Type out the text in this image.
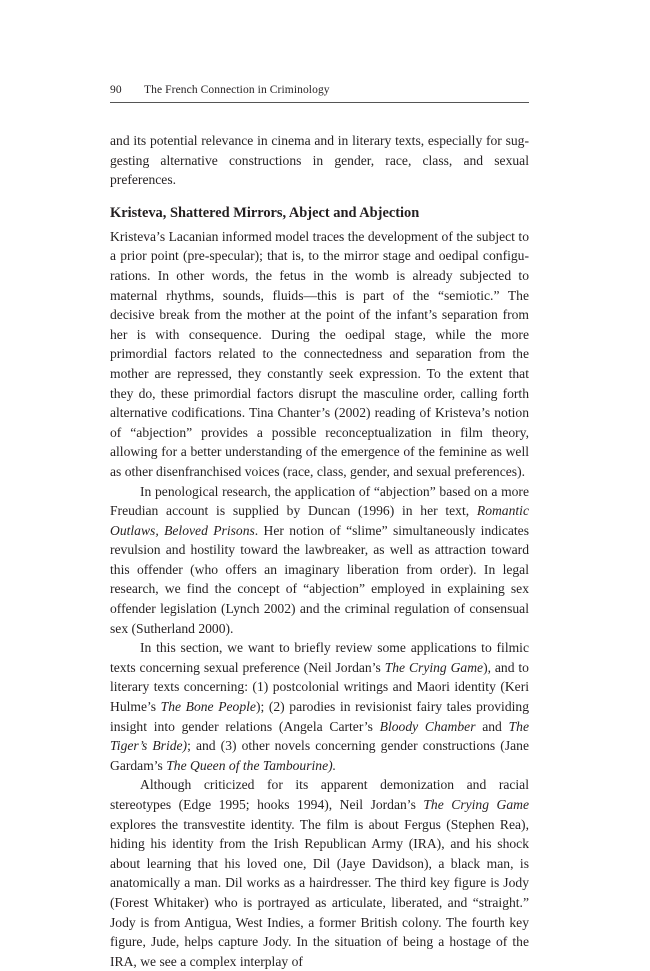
90 The French Connection in Criminology

and its potential relevance in cinema and in literary texts, especially for suggesting alternative constructions in gender, race, class, and sexual preferences.

Kristeva, Shattered Mirrors, Abject and Abjection

Kristeva’s Lacanian informed model traces the development of the subject to a prior point (pre-specular); that is, to the mirror stage and oedipal configurations. In other words, the fetus in the womb is already subjected to maternal rhythms, sounds, fluids—this is part of the “semiotic.” The decisive break from the mother at the point of the infant’s separation from her is with consequence. During the oedipal stage, while the more primordial factors related to the connectedness and separation from the mother are repressed, they constantly seek expression. To the extent that they do, these primordial factors disrupt the masculine order, calling forth alternative codifications. Tina Chanter’s (2002) reading of Kristeva’s notion of “abjection” provides a possible reconceptualization in film theory, allowing for a better understanding of the emergence of the feminine as well as other disenfranchised voices (race, class, gender, and sexual preferences).

In penological research, the application of “abjection” based on a more Freudian account is supplied by Duncan (1996) in her text, Romantic Outlaws, Beloved Prisons. Her notion of “slime” simultaneously indicates revulsion and hostility toward the lawbreaker, as well as attraction toward this offender (who offers an imaginary liberation from order). In legal research, we find the concept of “abjection” employed in explaining sex offender legislation (Lynch 2002) and the criminal regulation of consensual sex (Sutherland 2000).

In this section, we want to briefly review some applications to filmic texts concerning sexual preference (Neil Jordan’s The Crying Game), and to literary texts concerning: (1) postcolonial writings and Maori identity (Keri Hulme’s The Bone People); (2) parodies in revisionist fairy tales providing insight into gender relations (Angela Carter’s Bloody Chamber and The Tiger’s Bride); and (3) other novels concerning gender constructions (Jane Gardam’s The Queen of the Tambourine).

Although criticized for its apparent demonization and racial stereotypes (Edge 1995; hooks 1994), Neil Jordan’s The Crying Game explores the transvestite identity. The film is about Fergus (Stephen Rea), hiding his identity from the Irish Republican Army (IRA), and his shock about learning that his loved one, Dil (Jaye Davidson), a black man, is anatomically a man. Dil works as a hairdresser. The third key figure is Jody (Forest Whitaker) who is portrayed as articulate, liberated, and “straight.” Jody is from Antigua, West Indies, a former British colony. The fourth key figure, Jude, helps capture Jody. In the situation of being a hostage of the IRA, we see a complex interplay of
